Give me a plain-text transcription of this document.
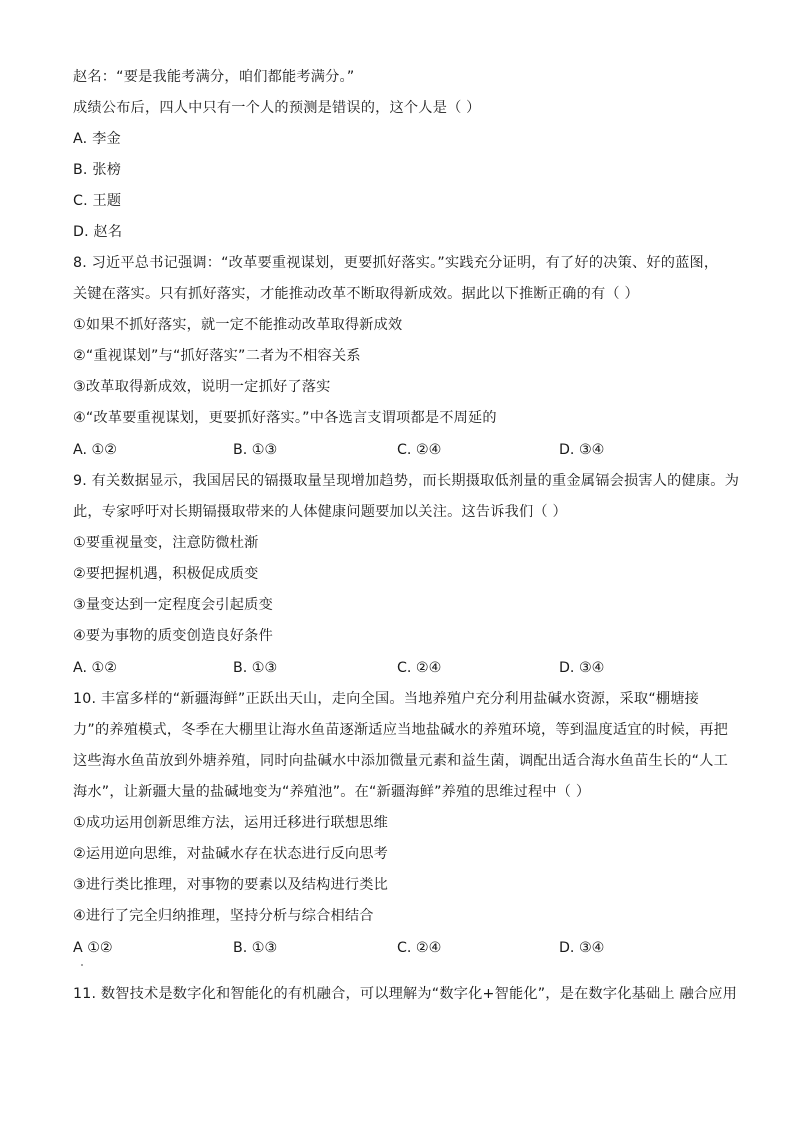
赵名：“要是我能考满分，咱们都能考满分。”
成绩公布后，四人中只有一个人的预测是错误的，这个人是（ ）
A. 李金
B. 张榜
C. 王题
D. 赵名
8. 习近平总书记强调：“改革要重视谋划，更要抓好落实。”实践充分证明，有了好的决策、好的蓝图，
关键在落实。只有抓好落实，才能推动改革不断取得新成效。据此以下推断正确的有（ ）
①如果不抓好落实，就一定不能推动改革取得新成效
②“重视谋划”与“抓好落实”二者为不相容关系
③改革取得新成效，说明一定抓好了落实
④“改革要重视谋划，更要抓好落实。”中各选言支谓项都是不周延的
A. ①②	B. ①③	C. ②④	D. ③④
9. 有关数据显示，我国居民的镉摄取量呈现增加趋势，而长期摄取低剂量的重金属镉会损害人的健康。为
此，专家呼吁对长期镉摄取带来的人体健康问题要加以关注。这告诉我们（ ）
①要重视量变，注意防微杜渐
②要把握机遇，积极促成质变
③量变达到一定程度会引起质变
④要为事物的质变创造良好条件
A. ①②	B. ①③	C. ②④	D. ③④
10. 丰富多样的“新疆海鲜”正跃出天山，走向全国。当地养殖户充分利用盐碱水资源，采取“棚塘接
力”的养殖模式，冬季在大棚里让海水鱼苗逐渐适应当地盐碱水的养殖环境，等到温度适宜的时候，再把
这些海水鱼苗放到外塘养殖，同时向盐碱水中添加微量元素和益生菌，调配出适合海水鱼苗生长的“人工
海水”，让新疆大量的盐碱地变为“养殖池”。在“新疆海鲜”养殖的思维过程中（ ）
①成功运用创新思维方法，运用迁移进行联想思维
②运用逆向思维，对盐碱水存在状态进行反向思考
③进行类比推理，对事物的要素以及结构进行类比
④进行了完全归纳推理，坚持分析与综合相结合
A ①②	B. ①③	C. ②④	D. ③④
11. 数智技术是数字化和智能化的有机融合，可以理解为“数字化+智能化”，是在数字化基础上 融合应用
